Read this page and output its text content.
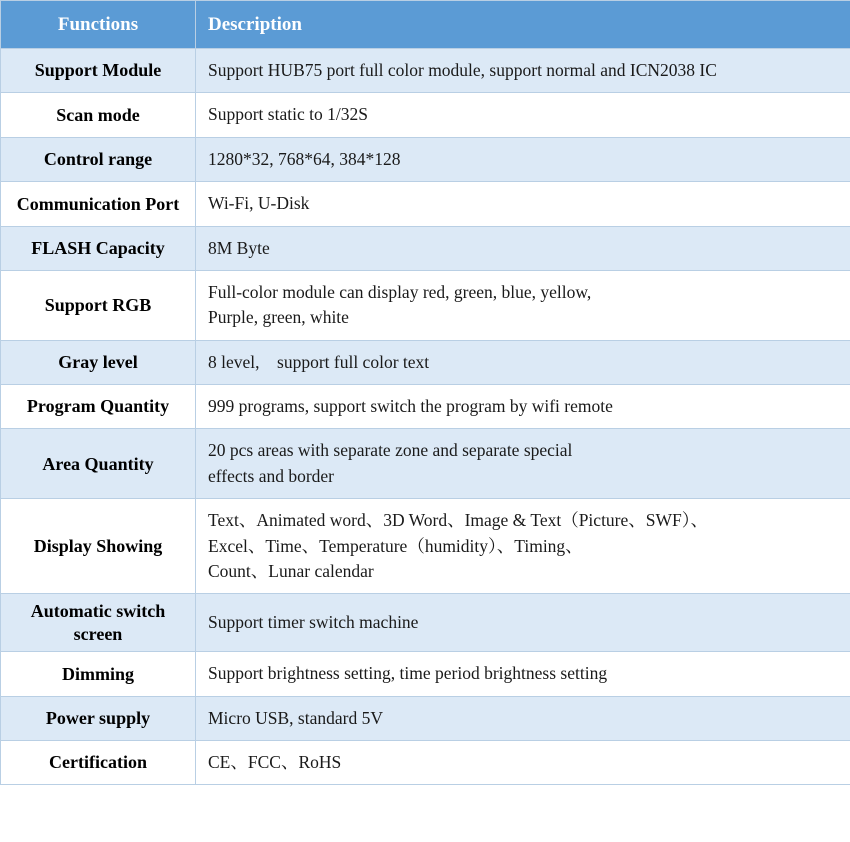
Functions	Description
Support Module	Support HUB75 port full color module, support normal and ICN2038 IC

Scan mode	Support static to 1/32S

Control range	1280*32, 768*64, 384*128

Communication Port	Wi-Fi, U-Disk

FLASH Capacity	8M Byte

Support RGB	Full-color module can display red, green, blue, yellow,
Purple, green, white

Gray level	8 level,    support full color text

Program Quantity	999 programs, support switch the program by wifi remote

Area Quantity	20 pcs areas with separate zone and separate special
effects and border

Display Showing	Text、Animated word、3D Word、Image & Text（Picture、SWF）、
Excel、Time、Temperature（humidity）、Timing、
Count、Lunar calendar

Automatic switch screen	Support timer switch machine

Dimming	Support brightness setting, time period brightness setting

Power supply	Micro USB, standard 5V

Certification	CE、FCC、RoHS
